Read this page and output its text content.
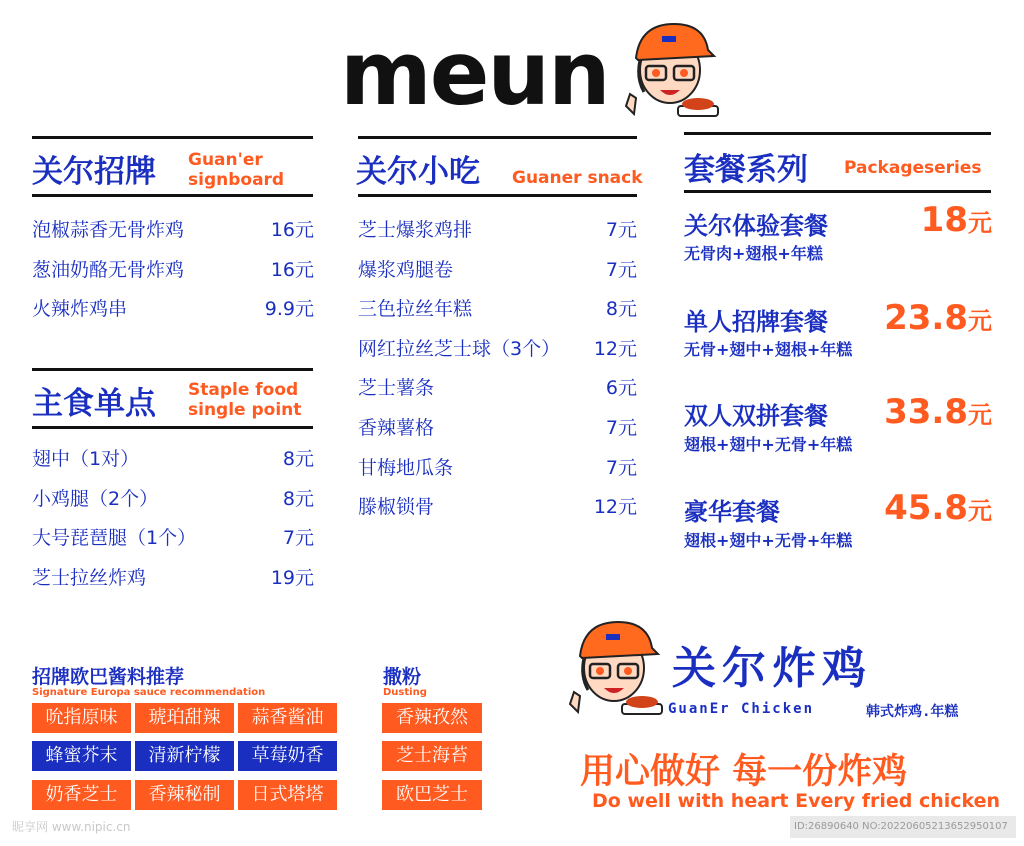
meun
关尔招牌 Guan'er
signboard
泡椒蒜香无骨炸鸡	16元
葱油奶酪无骨炸鸡	16元
火辣炸鸡串	9.9元
主食单点 Staple food
single point
翅中（1对）	8元
小鸡腿（2个）	8元
大号琵琶腿（1个）	7元
芝士拉丝炸鸡	19元
关尔小吃 Guaner snack
芝士爆浆鸡排	7元
爆浆鸡腿卷	7元
三色拉丝年糕	8元
网红拉丝芝士球（3个） 12元
芝士薯条	6元
香辣薯格	7元
甘梅地瓜条	7元
滕椒锁骨	12元
套餐系列 Packageseries
关尔体验套餐
无骨肉+翅根+年糕
18元
单人招牌套餐
无骨+翅中+翅根+年糕
23.8元
双人双拼套餐
翅根+翅中+无骨+年糕
33.8元
豪华套餐
翅根+翅中+无骨+年糕
45.8元
招牌欧巴酱料推荐
Signature Europa sauce recommendation
吮指原味	琥珀甜辣	蒜香酱油
蜂蜜芥末	清新柠檬	草莓奶香
奶香芝士	香辣秘制	日式塔塔
撒粉
Dusting
香辣孜然
芝士海苔
欧巴芝士
关尔炸鸡
GuanEr Chicken	韩式炸鸡.年糕
用心做好 每一份炸鸡
Do well with heart Every fried chicken
昵享网 www.nipic.cn	ID:26890640 NO:20220605213652950107
